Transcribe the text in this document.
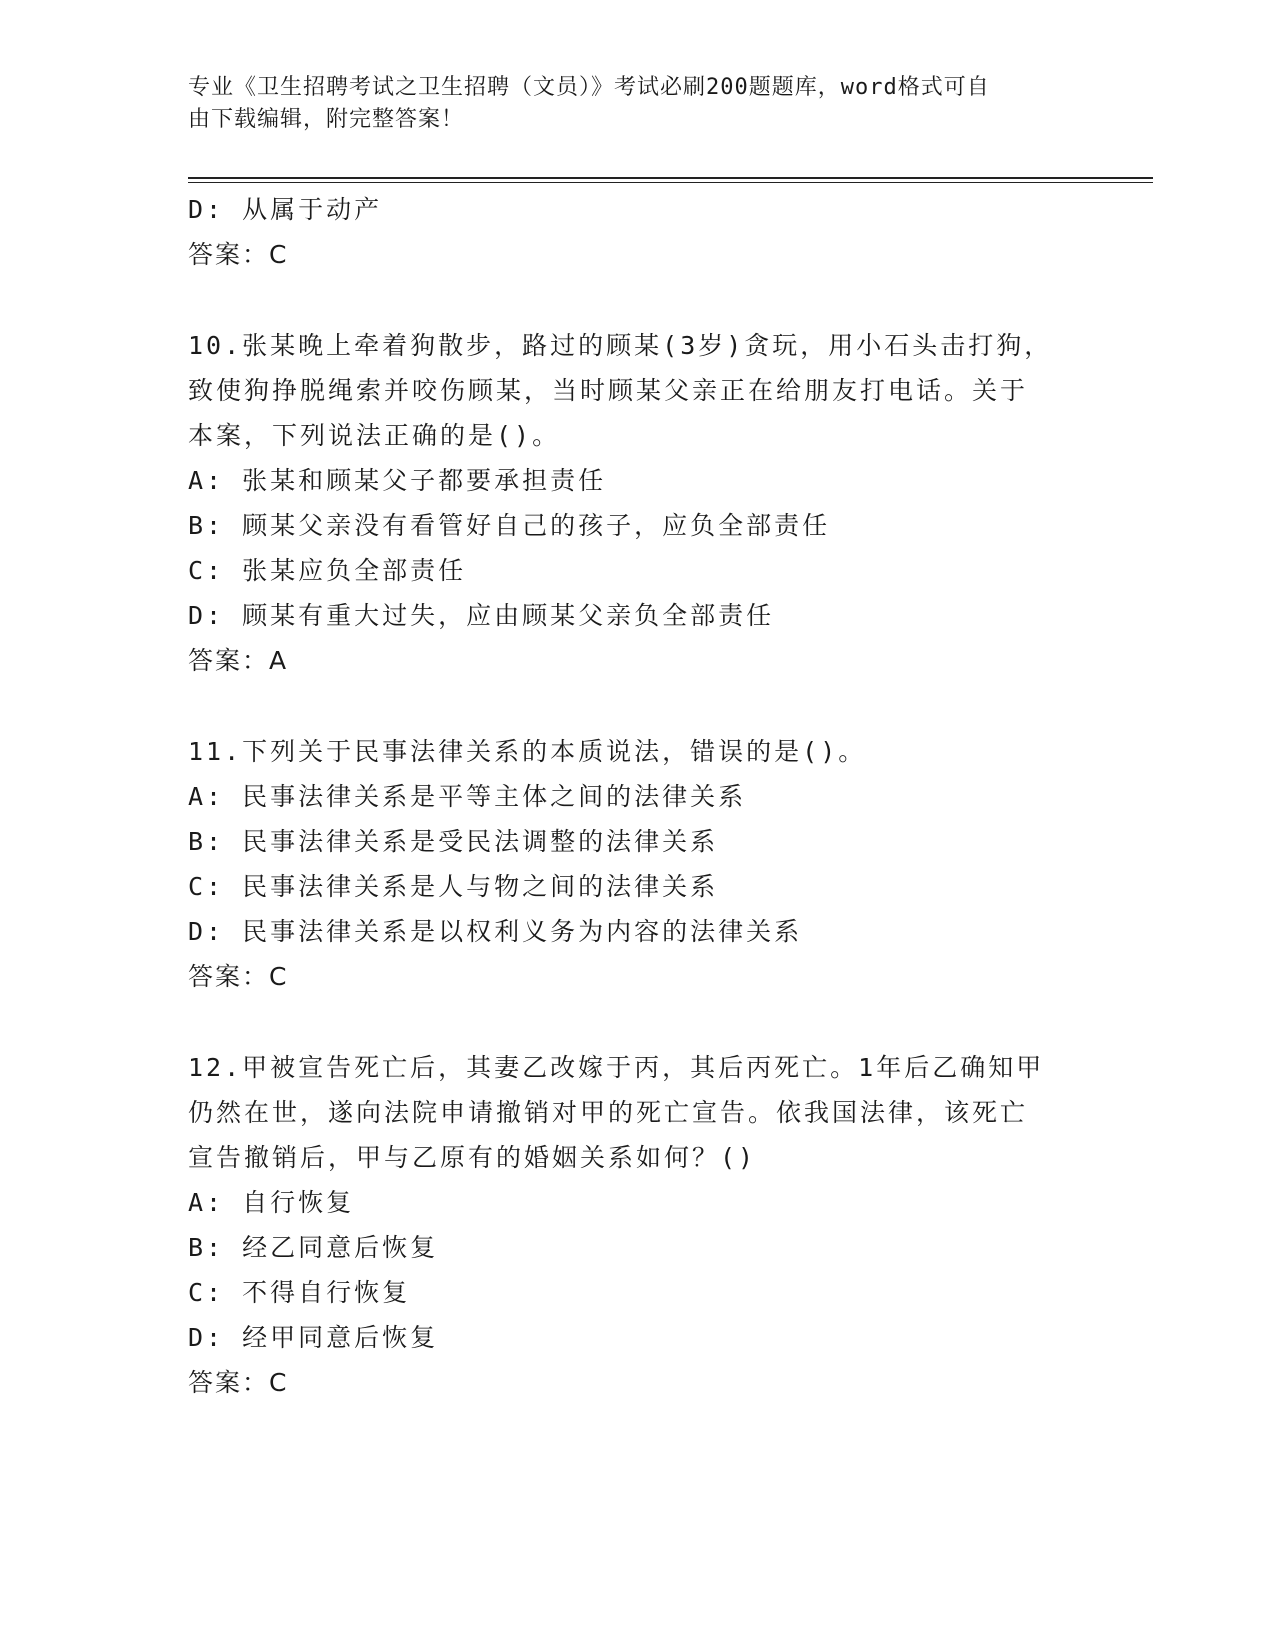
专业《卫生招聘考试之卫生招聘（文员）》考试必刷200题题库，word格式可自
由下载编辑，附完整答案！
D: 从属于动产
答案：C
10.张某晚上牵着狗散步，路过的顾某(3岁)贪玩，用小石头击打狗，
致使狗挣脱绳索并咬伤顾某，当时顾某父亲正在给朋友打电话。关于
本案，下列说法正确的是()。
A: 张某和顾某父子都要承担责任
B: 顾某父亲没有看管好自己的孩子，应负全部责任
C: 张某应负全部责任
D: 顾某有重大过失，应由顾某父亲负全部责任
答案：A
11.下列关于民事法律关系的本质说法，错误的是()。
A: 民事法律关系是平等主体之间的法律关系
B: 民事法律关系是受民法调整的法律关系
C: 民事法律关系是人与物之间的法律关系
D: 民事法律关系是以权利义务为内容的法律关系
答案：C
12.甲被宣告死亡后，其妻乙改嫁于丙，其后丙死亡。1年后乙确知甲
仍然在世，遂向法院申请撤销对甲的死亡宣告。依我国法律，该死亡
宣告撤销后，甲与乙原有的婚姻关系如何？()
A: 自行恢复
B: 经乙同意后恢复
C: 不得自行恢复
D: 经甲同意后恢复
答案：C
